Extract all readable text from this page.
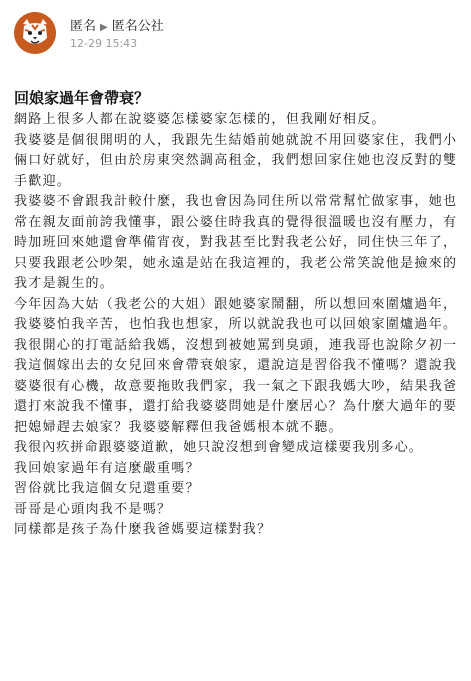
匿名 ▶ 匿名公社
12-29 15:43
回娘家過年會帶衰？

網路上很多人都在說婆婆怎樣婆家怎樣的，但我剛好相反。

我婆婆是個很開明的人，我跟先生結婚前她就說不用回婆家住，我們小倆口好就好，但由於房東突然調高租金，我們想回家住她也沒反對的雙手歡迎。

我婆婆不會跟我計較什麼，我也會因為同住所以常常幫忙做家事，她也常在親友面前誇我懂事，跟公婆住時我真的覺得很溫暖也沒有壓力，有時加班回來她還會準備宵夜，對我甚至比對我老公好，同住快三年了，只要我跟老公吵架，她永遠是站在我這裡的，我老公常笑說他是撿來的我才是親生的。

今年因為大姑（我老公的大姐）跟她婆家鬧翻，所以想回來圍爐過年，我婆婆怕我辛苦，也怕我也想家，所以就說我也可以回娘家圍爐過年。

我很開心的打電話給我媽，沒想到被她罵到臭頭，連我哥也說除夕初一我這個嫁出去的女兒回來會帶衰娘家，還說這是習俗我不懂嗎？還說我婆婆很有心機，故意要拖敗我們家，我一氣之下跟我媽大吵，結果我爸還打來說我不懂事，還打給我婆婆問她是什麼居心？為什麼大過年的要把媳婦趕去娘家？我婆婆解釋但我爸媽根本就不聽。

我很內疚拼命跟婆婆道歉，她只說沒想到會變成這樣要我別多心。

我回娘家過年有這麼嚴重嗎？

習俗就比我這個女兒還重要？

哥哥是心頭肉我不是嗎？

同樣都是孩子為什麼我爸媽要這樣對我？
